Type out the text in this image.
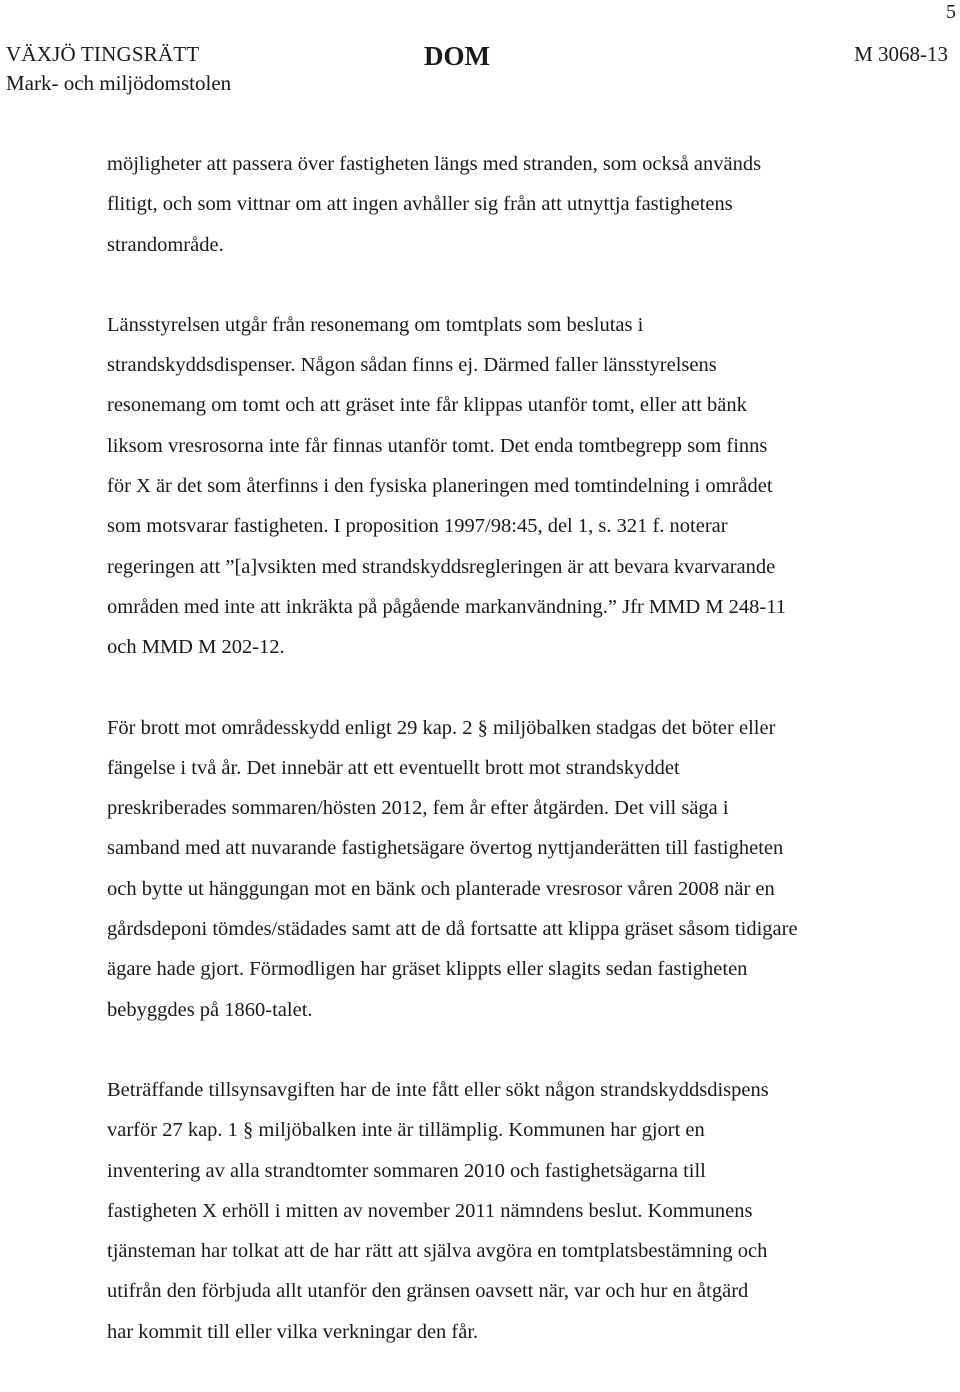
5
VÄXJÖ TINGSRÄTT
Mark- och miljödomstolen
DOM	M 3068-13

möjligheter att passera över fastigheten längs med stranden, som också används
flitigt, och som vittnar om att ingen avhåller sig från att utnyttja fastighetens
strandområde.

Länsstyrelsen utgår från resonemang om tomtplats som beslutas i
strandskyddsdispenser. Någon sådan finns ej. Därmed faller länsstyrelsens
resonemang om tomt och att gräset inte får klippas utanför tomt, eller att bänk
liksom vresrosorna inte får finnas utanför tomt. Det enda tomtbegrepp som finns
för X är det som återfinns i den fysiska planeringen med tomtindelning i området
som motsvarar fastigheten. I proposition 1997/98:45, del 1, s. 321 f. noterar
regeringen att ”[a]vsikten med strandskyddsregleringen är att bevara kvarvarande
områden med inte att inkräkta på pågående markanvändning.” Jfr MMD M 248-11
och MMD M 202-12.

För brott mot områdesskydd enligt 29 kap. 2 § miljöbalken stadgas det böter eller
fängelse i två år. Det innebär att ett eventuellt brott mot strandskyddet
preskriberades sommaren/hösten 2012, fem år efter åtgärden. Det vill säga i
samband med att nuvarande fastighetsägare övertog nyttjanderätten till fastigheten
och bytte ut hänggungan mot en bänk och planterade vresrosor våren 2008 när en
gårdsdeponi tömdes/städades samt att de då fortsatte att klippa gräset såsom tidigare
ägare hade gjort. Förmodligen har gräset klippts eller slagits sedan fastigheten
bebyggdes på 1860-talet.

Beträffande tillsynsavgiften har de inte fått eller sökt någon strandskyddsdispens
varför 27 kap. 1 § miljöbalken inte är tillämplig. Kommunen har gjort en
inventering av alla strandtomter sommaren 2010 och fastighetsägarna till
fastigheten X erhöll i mitten av november 2011 nämndens beslut. Kommunens
tjänsteman har tolkat att de har rätt att själva avgöra en tomtplatsbestämning och
utifrån den förbjuda allt utanför den gränsen oavsett när, var och hur en åtgärd
har kommit till eller vilka verkningar den får.
